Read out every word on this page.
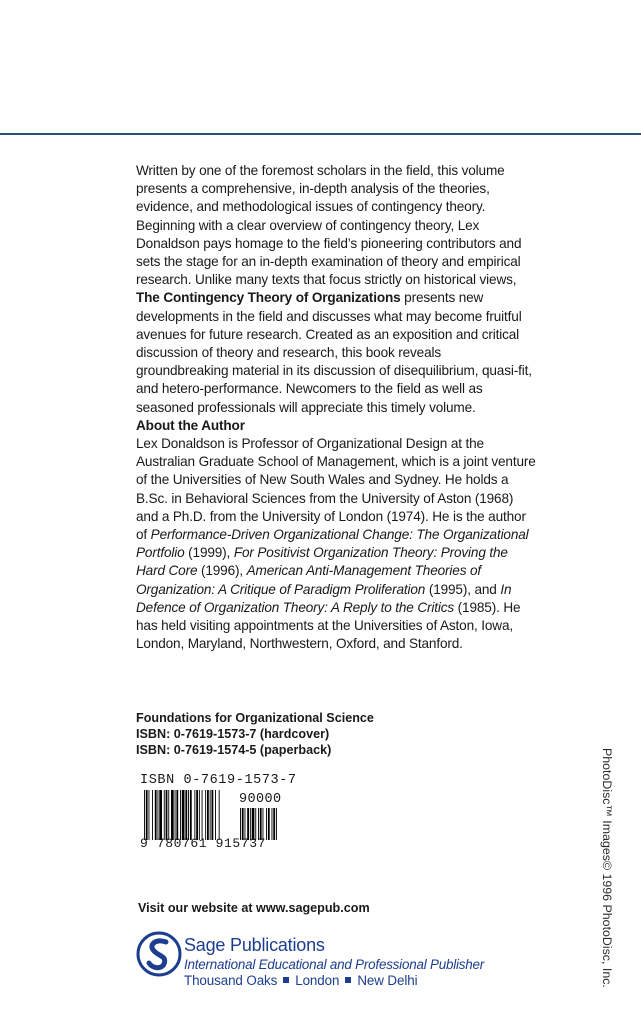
Written by one of the foremost scholars in the field, this volume presents a comprehensive, in-depth analysis of the theories, evidence, and methodological issues of contingency theory. Beginning with a clear overview of contingency theory, Lex Donaldson pays homage to the field’s pioneering contributors and sets the stage for an in-depth examination of theory and empirical research. Unlike many texts that focus strictly on historical views, The Contingency Theory of Organizations presents new developments in the field and discusses what may become fruitful avenues for future research. Created as an exposition and critical discussion of theory and research, this book reveals groundbreaking material in its discussion of disequilibrium, quasi-fit, and hetero-performance. Newcomers to the field as well as seasoned professionals will appreciate this timely volume.

About the Author

Lex Donaldson is Professor of Organizational Design at the Australian Graduate School of Management, which is a joint venture of the Universities of New South Wales and Sydney. He holds a B.Sc. in Behavioral Sciences from the University of Aston (1968) and a Ph.D. from the University of London (1974). He is the author of Performance-Driven Organizational Change: The Organizational Portfolio (1999), For Positivist Organization Theory: Proving the Hard Core (1996), American Anti-Management Theories of Organization: A Critique of Paradigm Proliferation (1995), and In Defence of Organization Theory: A Reply to the Critics (1985). He has held visiting appointments at the Universities of Aston, Iowa, London, Maryland, Northwestern, Oxford, and Stanford.

Foundations for Organizational Science
ISBN: 0-7619-1573-7 (hardcover)
ISBN: 0-7619-1574-5 (paperback)
ISBN 0-7619-1573-7
90000
9 780761 915737
Visit our website at www.sagepub.com
Sage Publications
International Educational and Professional Publisher
Thousand Oaks London New Delhi	PhotoDisc™ Images© 1996 PhotoDisc, Inc.
